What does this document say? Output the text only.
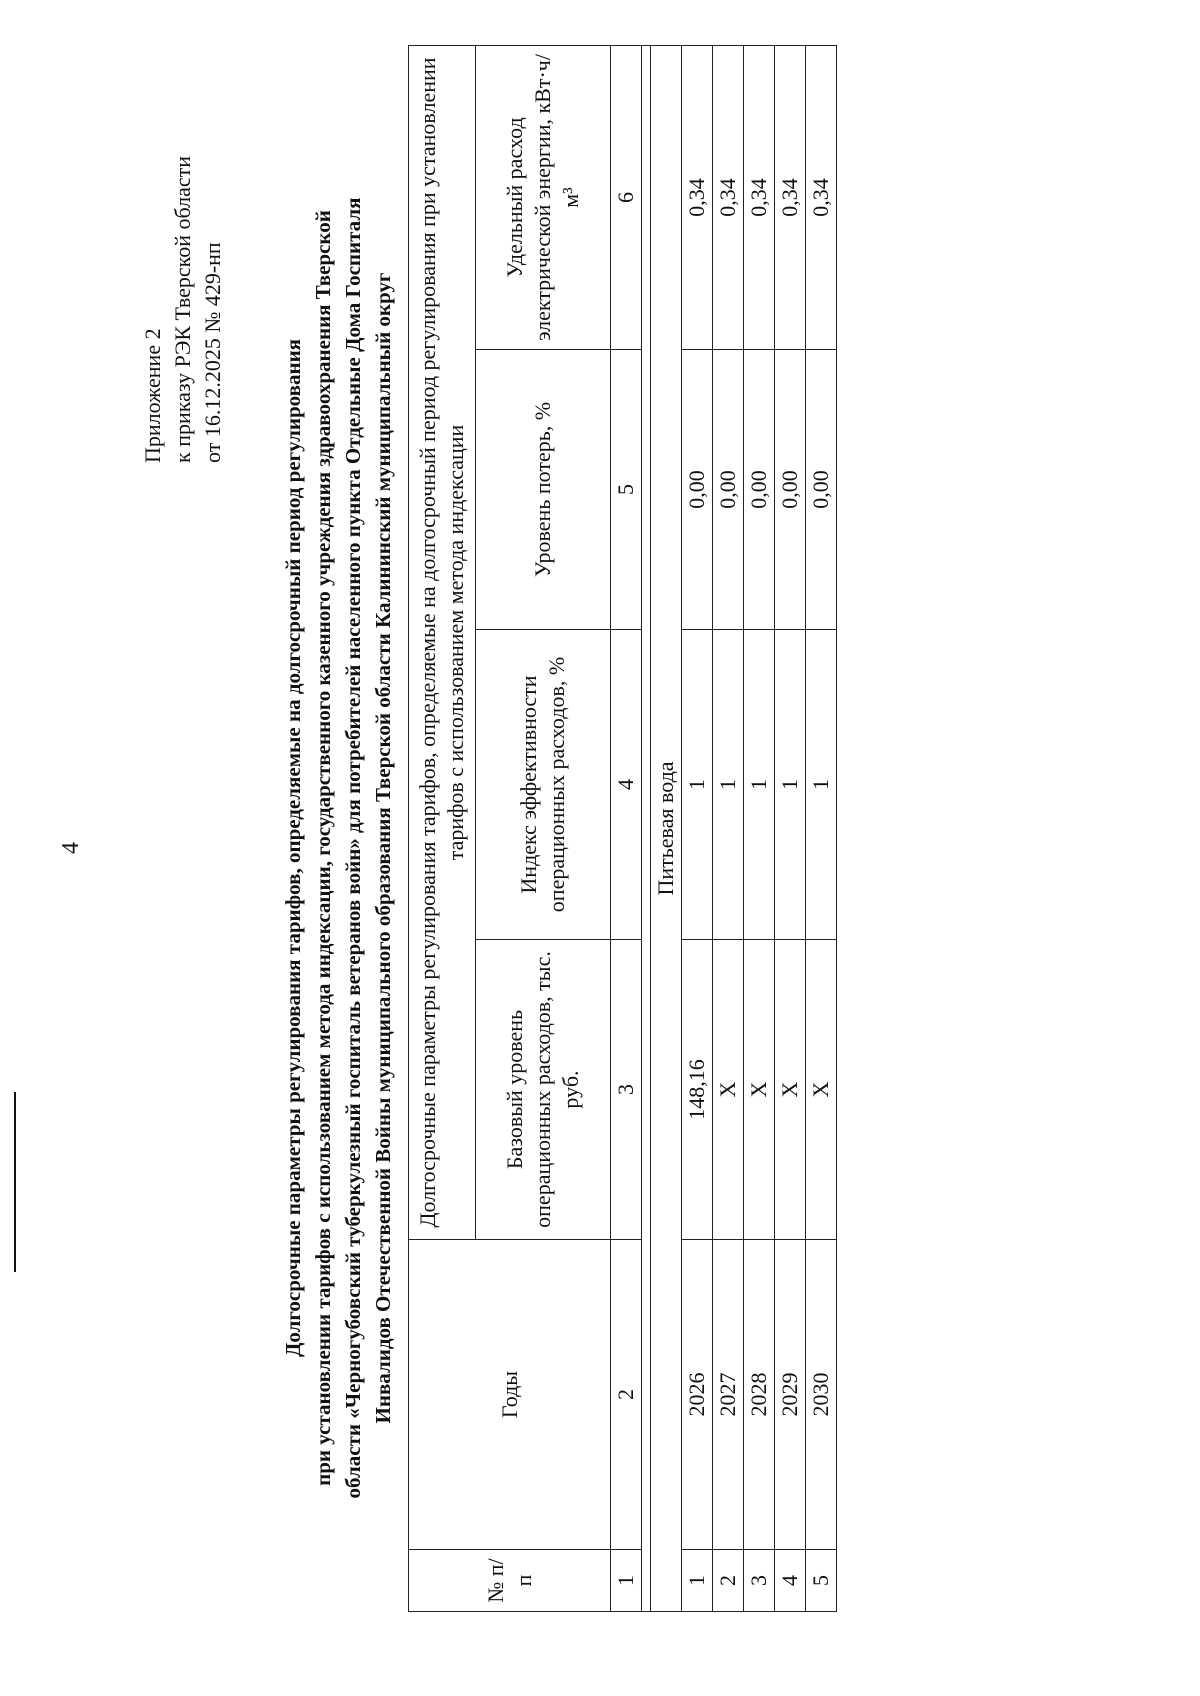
4
Приложение 2 к приказу РЭК Тверской области от 16.12.2025 № 429-нп	Долгосрочные параметры регулирования тарифов, определяемые на долгосрочный период регулирования при установлении тарифов с использованием метода индексации, государственного казенного учреждения здравоохранения Тверской области «Черногубовский туберкулезный госпиталь ветеранов войн» для потребителей населенного пункта Отдельные Дома Госпиталя Инвалидов Отечественной Войны муниципального образования Тверской области Калининский муниципальный округ
№ п/п	Годы	Долгосрочные параметры регулирования тарифов, определяемые на долгосрочный период регулирования при установлении тарифов с использованием метода индексации			
		Базовый уровень операционных расходов, тыс. руб.	Индекс эффективности операционных расходов, %	Уровень потерь, %	Удельный расход электрической энергии, кВт·ч/м³
1	2	3	4	5	6

Питьевая вода					
1	2026	148,16	1	0,00	0,34
2	2027	X	1	0,00	0,34
3	2028	X	1	0,00	0,34
4	2029	X	1	0,00	0,34
5	2030	X	1	0,00	0,34
